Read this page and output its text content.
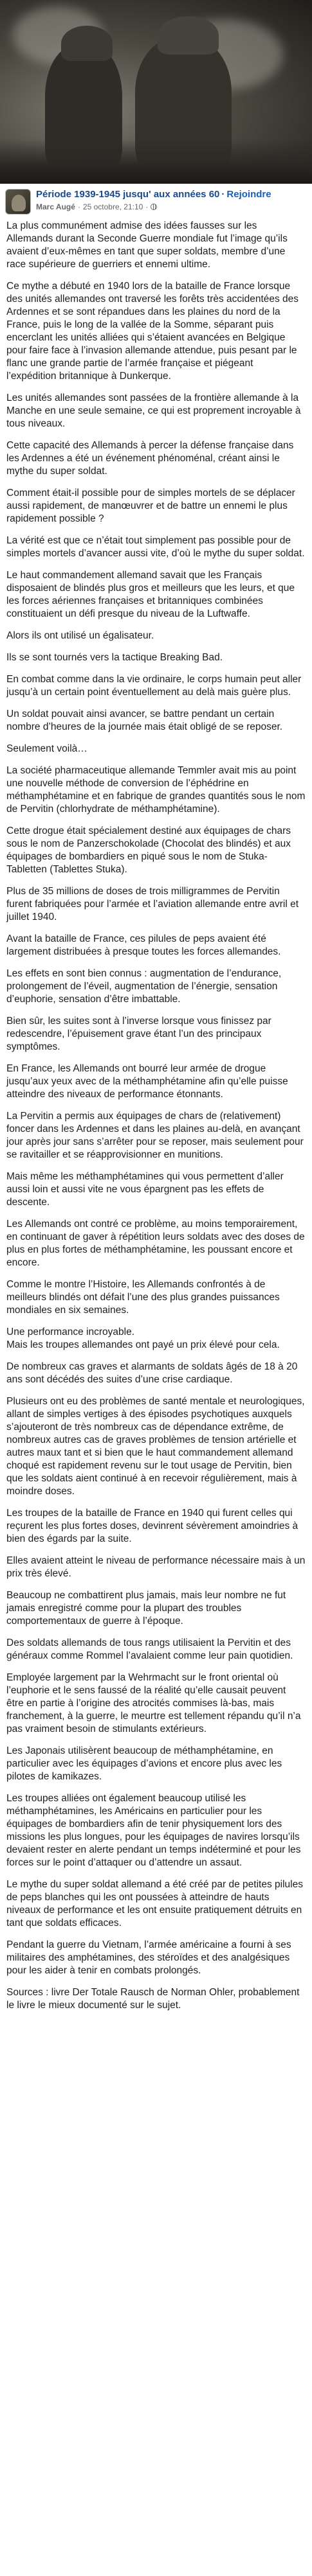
Période 1939-1945 jusqu' aux années 60 · Rejoindre
Marc Augé · 25 octobre, 21:10 ·

La plus communément admise des idées fausses sur les Allemands durant la Seconde Guerre mondiale fut l’image qu’ils avaient d’eux-mêmes en tant que super soldats, membre d’une race supérieure de guerriers et ennemi ultime.

Ce mythe a débuté en 1940 lors de la bataille de France lorsque des unités allemandes ont traversé les forêts très accidentées des Ardennes et se sont répandues dans les plaines du nord de la France, puis le long de la vallée de la Somme, séparant puis encerclant les unités alliées qui s’étaient avancées en Belgique pour faire face à l’invasion allemande attendue, puis pesant par le flanc une grande partie de l’armée française et piégeant l’expédition britannique à Dunkerque.

Les unités allemandes sont passées de la frontière allemande à la Manche en une seule semaine, ce qui est proprement incroyable à tous niveaux.

Cette capacité des Allemands à percer la défense française dans les Ardennes a été un événement phénoménal, créant ainsi le mythe du super soldat.

Comment était-il possible pour de simples mortels de se déplacer aussi rapidement, de manœuvrer et de battre un ennemi le plus rapidement possible ?

La vérité est que ce n’était tout simplement pas possible pour de simples mortels d’avancer aussi vite, d’où le mythe du super soldat.

Le haut commandement allemand savait que les Français disposaient de blindés plus gros et meilleurs que les leurs, et que les forces aériennes françaises et britanniques combinées constituaient un défi presque du niveau de la Luftwaffe.

Alors ils ont utilisé un égalisateur.

Ils se sont tournés vers la tactique Breaking Bad.

En combat comme dans la vie ordinaire, le corps humain peut aller jusqu’à un certain point éventuellement au delà mais guère plus.

Un soldat pouvait ainsi avancer, se battre pendant un certain nombre d’heures de la journée mais était obligé de se reposer.

Seulement voilà…

La société pharmaceutique allemande Temmler avait mis au point une nouvelle méthode de conversion de l’éphédrine en méthamphétamine et en fabrique de grandes quantités sous le nom de Pervitin (chlorhydrate de méthamphétamine).

Cette drogue était spécialement destiné aux équipages de chars sous le nom de Panzerschokolade (Chocolat des blindés) et aux équipages de bombardiers en piqué sous le nom de Stuka-Tabletten (Tablettes Stuka).

Plus de 35 millions de doses de trois milligrammes de Pervitin furent fabriquées pour l’armée et l’aviation allemande entre avril et juillet 1940.

Avant la bataille de France, ces pilules de peps avaient été largement distribuées à presque toutes les forces allemandes.

Les effets en sont bien connus : augmentation de l’endurance, prolongement de l’éveil, augmentation de l’énergie, sensation d’euphorie, sensation d’être imbattable.

Bien sûr, les suites sont à l’inverse lorsque vous finissez par redescendre, l’épuisement grave étant l’un des principaux symptômes.

En France, les Allemands ont bourré leur armée de drogue jusqu’aux yeux avec de la méthamphétamine afin qu’elle puisse atteindre des niveaux de performance étonnants.

La Pervitin a permis aux équipages de chars de (relativement) foncer dans les Ardennes et dans les plaines au-delà, en avançant jour après jour sans s’arrêter pour se reposer, mais seulement pour se ravitailler et se réapprovisionner en munitions.

Mais même les méthamphétamines qui vous permettent d’aller aussi loin et aussi vite ne vous épargnent pas les effets de descente.

Les Allemands ont contré ce problème, au moins temporairement, en continuant de gaver à répétition leurs soldats avec des doses de plus en plus fortes de méthamphétamine, les poussant encore et encore.

Comme le montre l’Histoire, les Allemands confrontés à de meilleurs blindés ont défait l’une des plus grandes puissances mondiales en six semaines.

Une performance incroyable.
Mais les troupes allemandes ont payé un prix élevé pour cela.

De nombreux cas graves et alarmants de soldats âgés de 18 à 20 ans sont décédés des suites d’une crise cardiaque.

Plusieurs ont eu des problèmes de santé mentale et neurologiques, allant de simples vertiges à des épisodes psychotiques auxquels s’ajouteront de très nombreux cas de dépendance extrême, de nombreux autres cas de graves problèmes de tension artérielle et autres maux tant et si bien que le haut commandement allemand choqué est rapidement revenu sur le tout usage de Pervitin, bien que les soldats aient continué à en recevoir régulièrement, mais à moindre doses.

Les troupes de la bataille de France en 1940 qui furent celles qui reçurent les plus fortes doses, devinrent sévèrement amoindries à bien des égards par la suite.

Elles avaient atteint le niveau de performance nécessaire mais à un prix très élevé.

Beaucoup ne combattirent plus jamais, mais leur nombre ne fut jamais enregistré comme pour la plupart des troubles comportementaux de guerre à l’époque.

Des soldats allemands de tous rangs utilisaient la Pervitin et des généraux comme Rommel l’avalaient comme leur pain quotidien.

Employée largement par la Wehrmacht sur le front oriental où l’euphorie et le sens faussé de la réalité qu’elle causait peuvent être en partie à l’origine des atrocités commises là-bas, mais franchement, à la guerre, le meurtre est tellement répandu qu’il n’a pas vraiment besoin de stimulants extérieurs.

Les Japonais utilisèrent beaucoup de méthamphétamine, en particulier avec les équipages d’avions et encore plus avec les pilotes de kamikazes.

Les troupes alliées ont également beaucoup utilisé les méthamphétamines, les Américains en particulier pour les équipages de bombardiers afin de tenir physiquement lors des missions les plus longues, pour les équipages de navires lorsqu’ils devaient rester en alerte pendant un temps indéterminé et pour les forces sur le point d’attaquer ou d’attendre un assaut.

Le mythe du super soldat allemand a été créé par de petites pilules de peps blanches qui les ont poussées à atteindre de hauts niveaux de performance et les ont ensuite pratiquement détruits en tant que soldats efficaces.

Pendant la guerre du Vietnam, l’armée américaine a fourni à ses militaires des amphétamines, des stéroïdes et des analgésiques pour les aider à tenir en combats prolongés.

Sources : livre Der Totale Rausch de Norman Ohler, probablement le livre le mieux documenté sur le sujet.
